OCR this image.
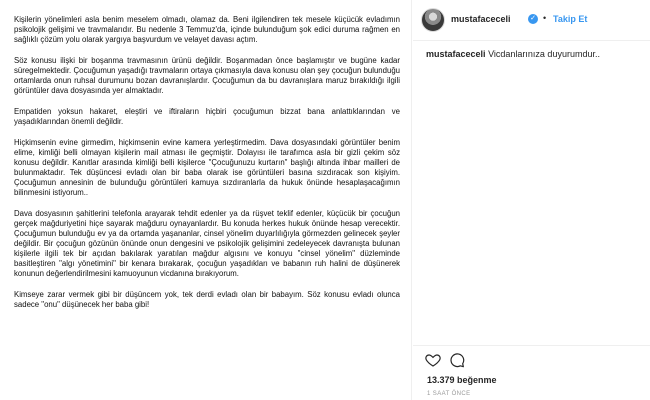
Kişilerin yönelimleri asla benim meselem olmadı, olamaz da. Beni ilgilendiren tek mesele küçücük evladımın psikolojik gelişimi ve travmalarıdır. Bu nedenle 3 Temmuz'da, içinde bulunduğum şok edici duruma rağmen en sağlıklı çözüm yolu olarak yargıya başvurdum ve velayet davası açtım.

Söz konusu ilişki bir boşanma travmasının ürünü değildir. Boşanmadan önce başlamıştır ve bugüne kadar süregelmektedir. Çocuğumun yaşadığı travmaların ortaya çıkmasıyla dava konusu olan şey çocuğun bulunduğu ortamlarda onun ruhsal durumunu bozan davranışlardır. Çocuğumun da bu davranışlara maruz bırakıldığı ilgili görüntüler dava dosyasında yer almaktadır.

Empatiden yoksun hakaret, eleştiri ve iftiraların hiçbiri çocuğumun bizzat bana anlattıklarından ve yaşadıklarından önemli değildir.

Hiçkimsenin evine girmedim, hiçkimsenin evine kamera yerleştirmedim. Dava dosyasındaki görüntüler benim elime, kimliği belli olmayan kişilerin mail atması ile geçmiştir. Dolayısı ile tarafımca asla bir gizli çekim söz konusu değildir. Kanıtlar arasında kimliği belli kişilerce "Çocuğunuzu kurtarın" başlığı altında ihbar mailleri de bulunmaktadır. Tek düşüncesi evladı olan bir baba olarak ise görüntüleri basına sızdıracak son kişiyim. Çocuğumun annesinin de bulunduğu görüntüleri kamuya sızdıranlarla da hukuk önünde hesaplaşacağımın bilinmesini istiyorum..

Dava dosyasının şahitlerini telefonla arayarak tehdit edenler ya da rüşvet teklif edenler, küçücük bir çocuğun gerçek mağduriyetini hiçe sayarak mağduru oynayanlardır. Bu konuda herkes hukuk önünde hesap verecektir. Çocuğumun bulunduğu ev ya da ortamda yaşananlar, cinsel yönelim duyarlılığıyla görmezden gelinecek şeyler değildir. Bir çocuğun gözünün önünde onun dengesini ve psikolojik gelişimini zedeleyecek davranışta bulunan kişilerle ilgili tek bir açıdan bakılarak yaratılan mağdur algısını ve konuyu "cinsel yönelim" düzleminde basitleştiren "algı yönetimini" bir kenara bırakarak, çocuğun yaşadıkları ve babanın ruh halini de düşünerek konunun değerlendirilmesini kamuoyunun vicdanına bırakıyorum.

Kimseye zarar vermek gibi bir düşüncem yok, tek derdi evladı olan bir babayım. Söz konusu evladı olunca sadece "onu" düşünecek her baba gibi!

mustafaceceli	✓ • Takip Et
mustafaceceli Vicdanlarınıza duyurumdur..
13.379 beğenme
1 SAAT ÖNCE
